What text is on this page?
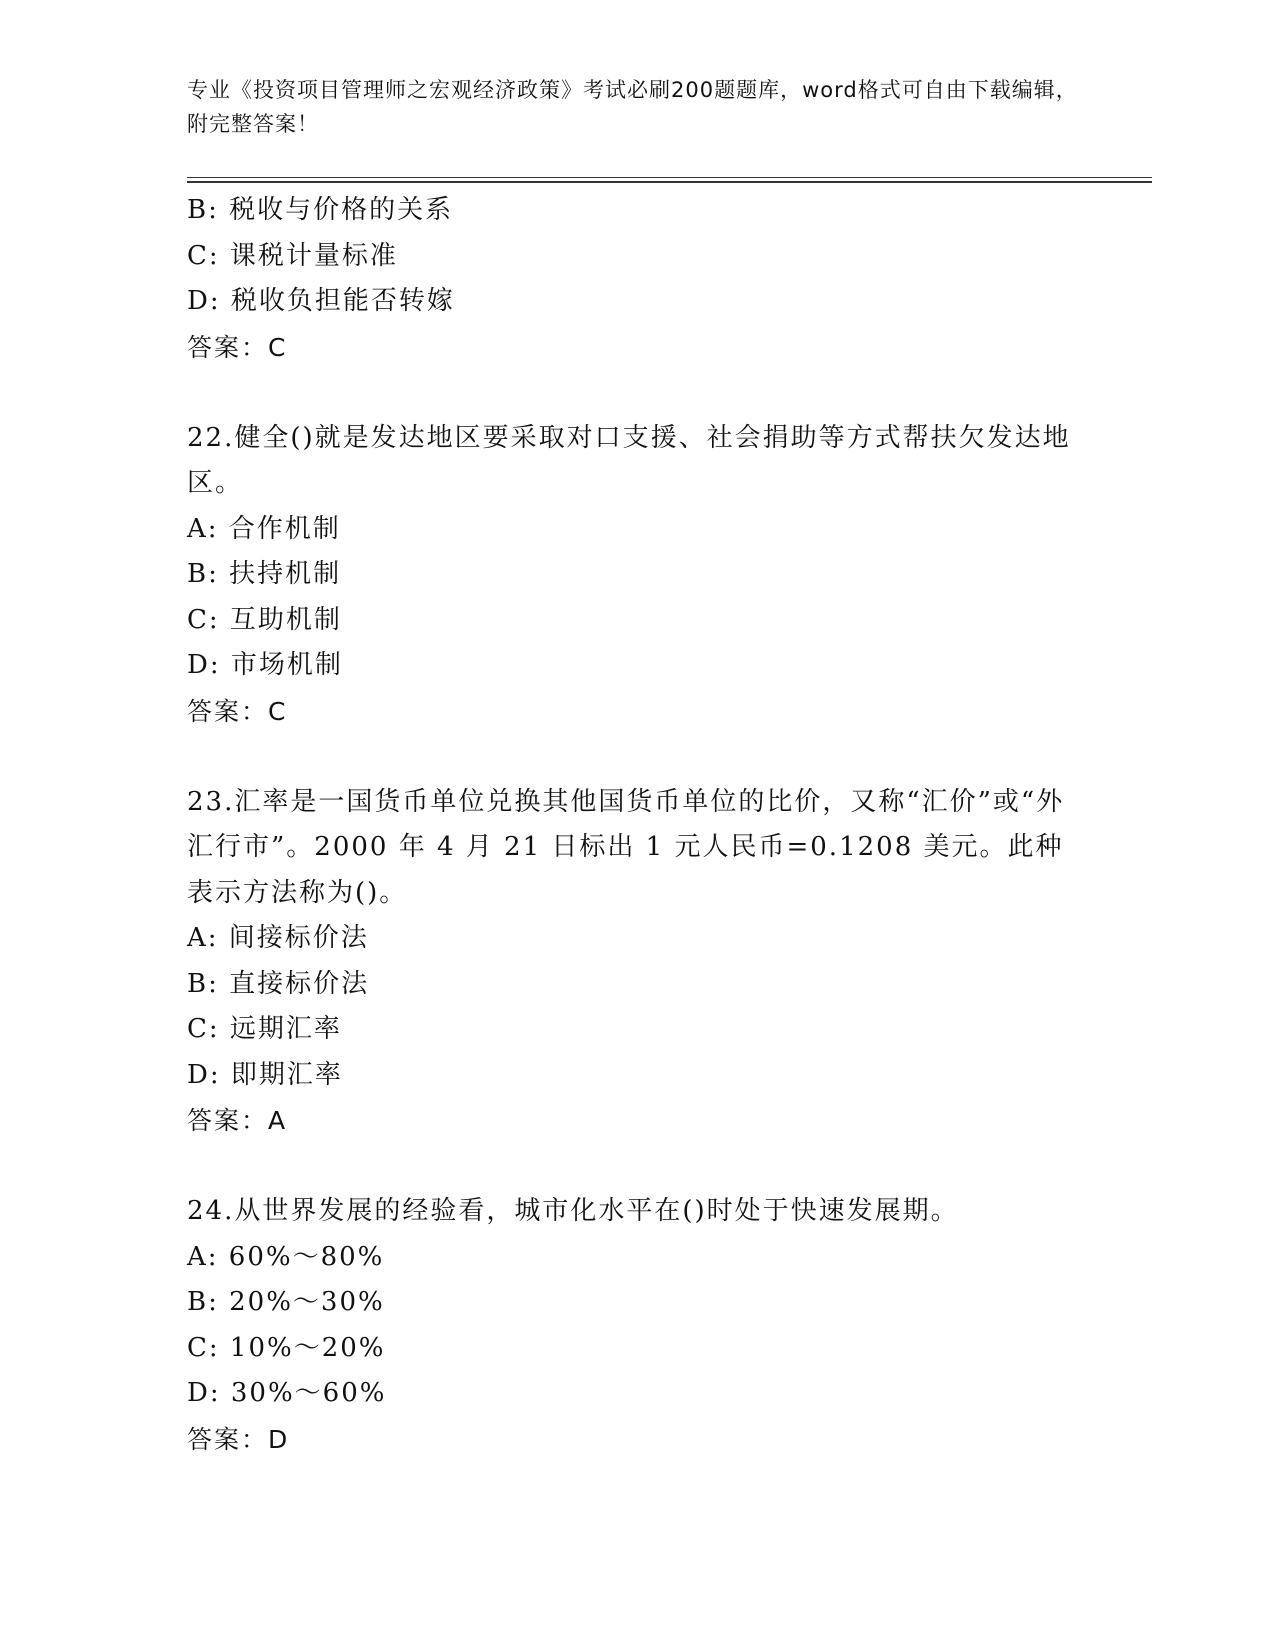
专业《投资项目管理师之宏观经济政策》考试必刷200题题库，word格式可自由下载编辑，附完整答案！
B: 税收与价格的关系
C: 课税计量标准
D: 税收负担能否转嫁
答案：C
22.健全()就是发达地区要采取对口支援、社会捐助等方式帮扶欠发达地区。
A: 合作机制
B: 扶持机制
C: 互助机制
D: 市场机制
答案：C
23.汇率是一国货币单位兑换其他国货币单位的比价，又称“汇价”或“外汇行市”。2000 年 4 月 21 日标出 1 元人民币=0.1208 美元。此种表示方法称为()。
A: 间接标价法
B: 直接标价法
C: 远期汇率
D: 即期汇率
答案：A
24.从世界发展的经验看，城市化水平在()时处于快速发展期。
A: 60%～80%
B: 20%～30%
C: 10%～20%
D: 30%～60%
答案：D
